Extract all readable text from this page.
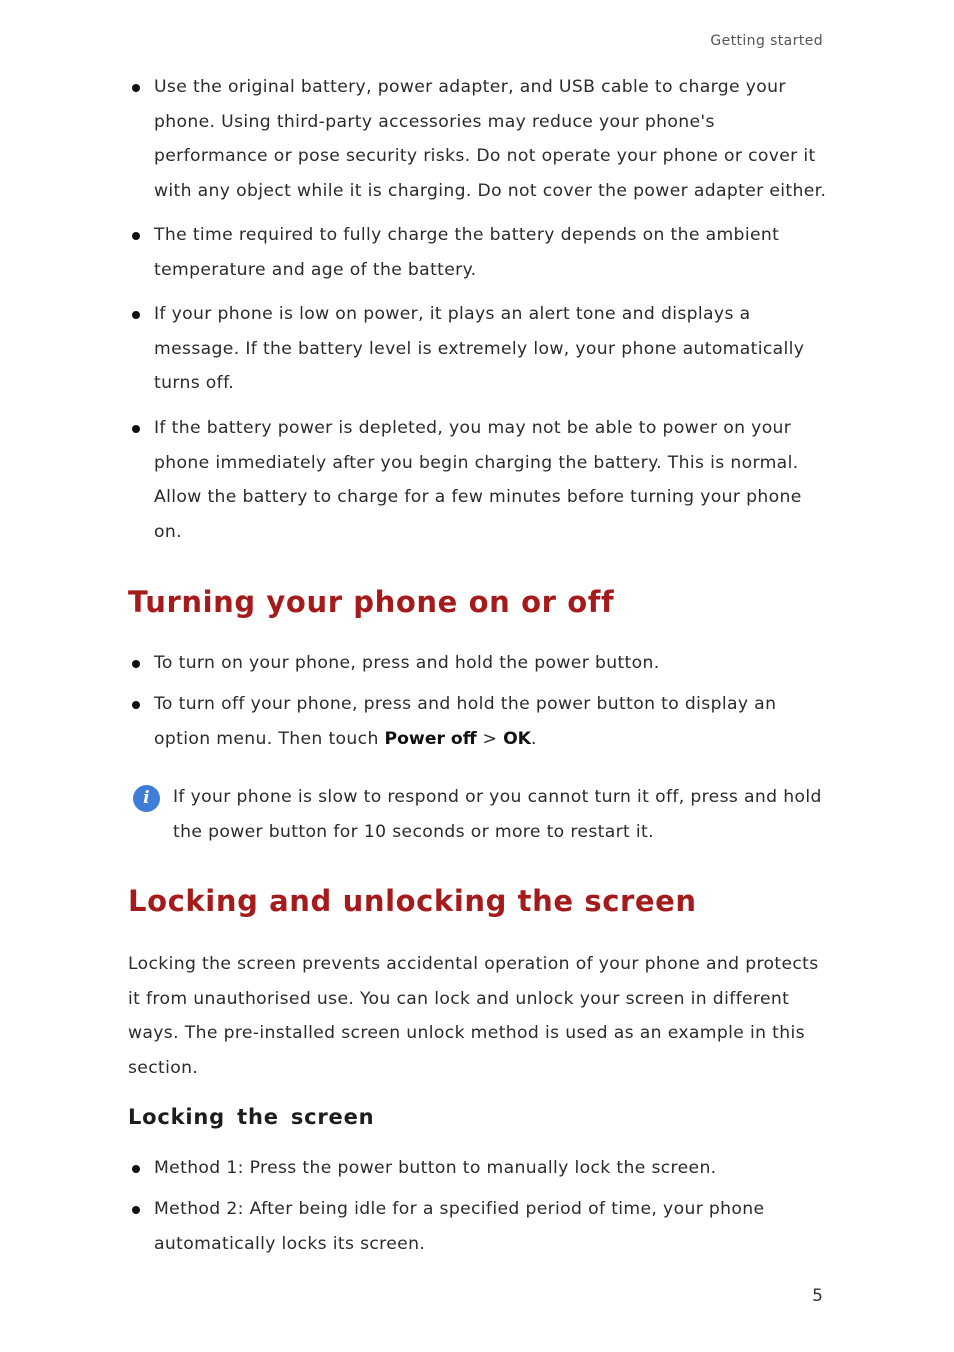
Getting started
Use the original battery, power adapter, and USB cable to charge your phone. Using third-party accessories may reduce your phone's performance or pose security risks. Do not operate your phone or cover it with any object while it is charging. Do not cover the power adapter either.
The time required to fully charge the battery depends on the ambient temperature and age of the battery.
If your phone is low on power, it plays an alert tone and displays a message. If the battery level is extremely low, your phone automatically turns off.
If the battery power is depleted, you may not be able to power on your phone immediately after you begin charging the battery. This is normal. Allow the battery to charge for a few minutes before turning your phone on.
Turning your phone on or off
To turn on your phone, press and hold the power button.
To turn off your phone, press and hold the power button to display an option menu. Then touch Power off > OK.
i If your phone is slow to respond or you cannot turn it off, press and hold the power button for 10 seconds or more to restart it.
Locking and unlocking the screen
Locking the screen prevents accidental operation of your phone and protects it from unauthorised use. You can lock and unlock your screen in different ways. The pre-installed screen unlock method is used as an example in this section.
Locking the screen
Method 1: Press the power button to manually lock the screen.
Method 2: After being idle for a specified period of time, your phone automatically locks its screen.
5
